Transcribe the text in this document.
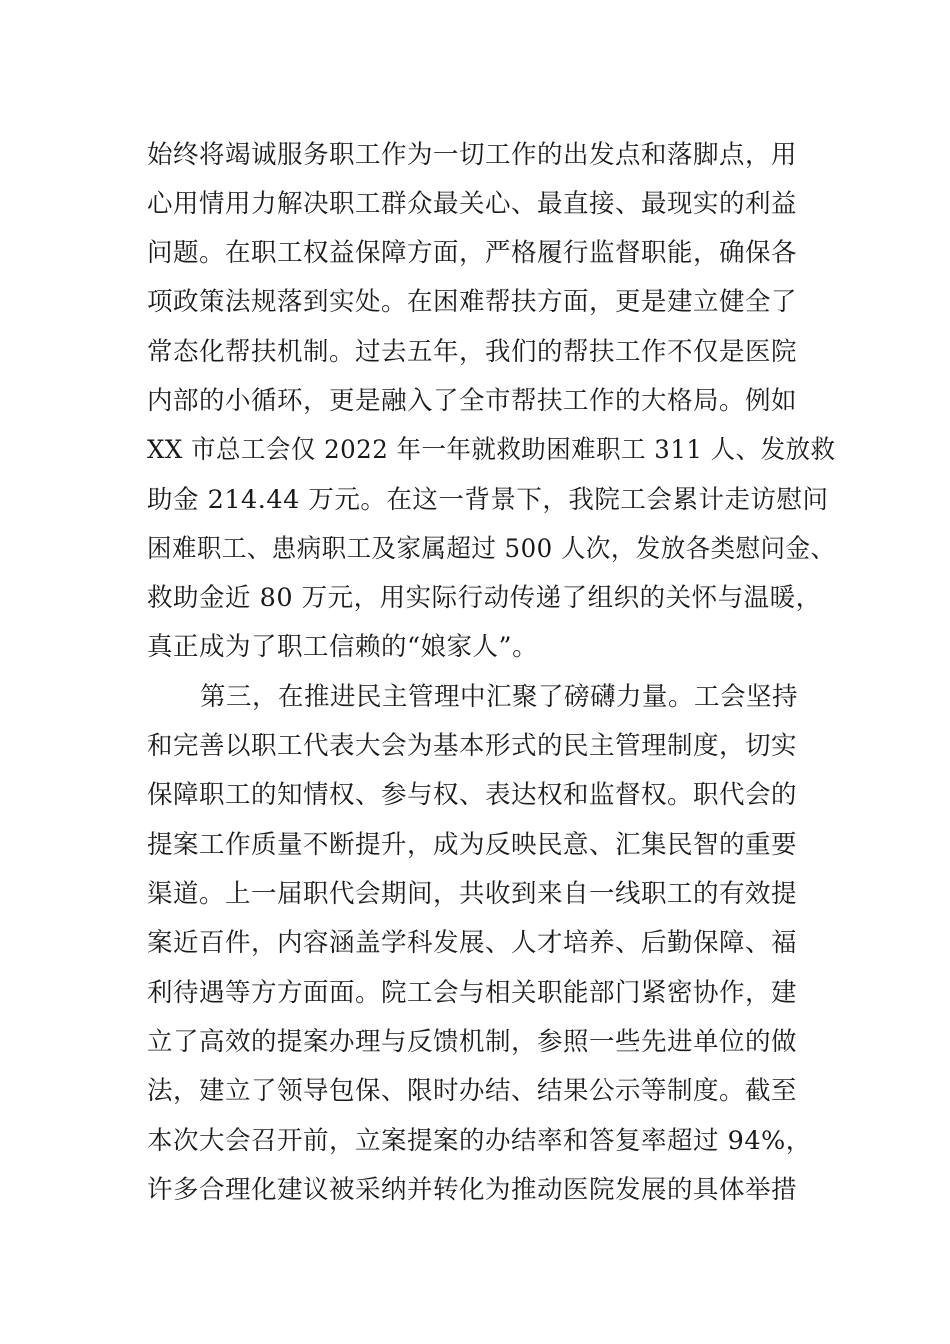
始终将竭诚服务职工作为一切工作的出发点和落脚点，用
心用情用力解决职工群众最关心、最直接、最现实的利益
问题。在职工权益保障方面，严格履行监督职能，确保各
项政策法规落到实处。在困难帮扶方面，更是建立健全了
常态化帮扶机制。过去五年，我们的帮扶工作不仅是医院
内部的小循环，更是融入了全市帮扶工作的大格局。例如
XX 市总工会仅 2022 年一年就救助困难职工 311 人、发放救
助金 214.44 万元。在这一背景下，我院工会累计走访慰问
困难职工、患病职工及家属超过 500 人次，发放各类慰问金、
救助金近 80 万元，用实际行动传递了组织的关怀与温暖，
真正成为了职工信赖的“娘家人”。
第三，在推进民主管理中汇聚了磅礴力量。工会坚持
和完善以职工代表大会为基本形式的民主管理制度，切实
保障职工的知情权、参与权、表达权和监督权。职代会的
提案工作质量不断提升，成为反映民意、汇集民智的重要
渠道。上一届职代会期间，共收到来自一线职工的有效提
案近百件，内容涵盖学科发展、人才培养、后勤保障、福
利待遇等方方面面。院工会与相关职能部门紧密协作，建
立了高效的提案办理与反馈机制，参照一些先进单位的做
法，建立了领导包保、限时办结、结果公示等制度。截至
本次大会召开前，立案提案的办结率和答复率超过 94%，
许多合理化建议被采纳并转化为推动医院发展的具体举措
